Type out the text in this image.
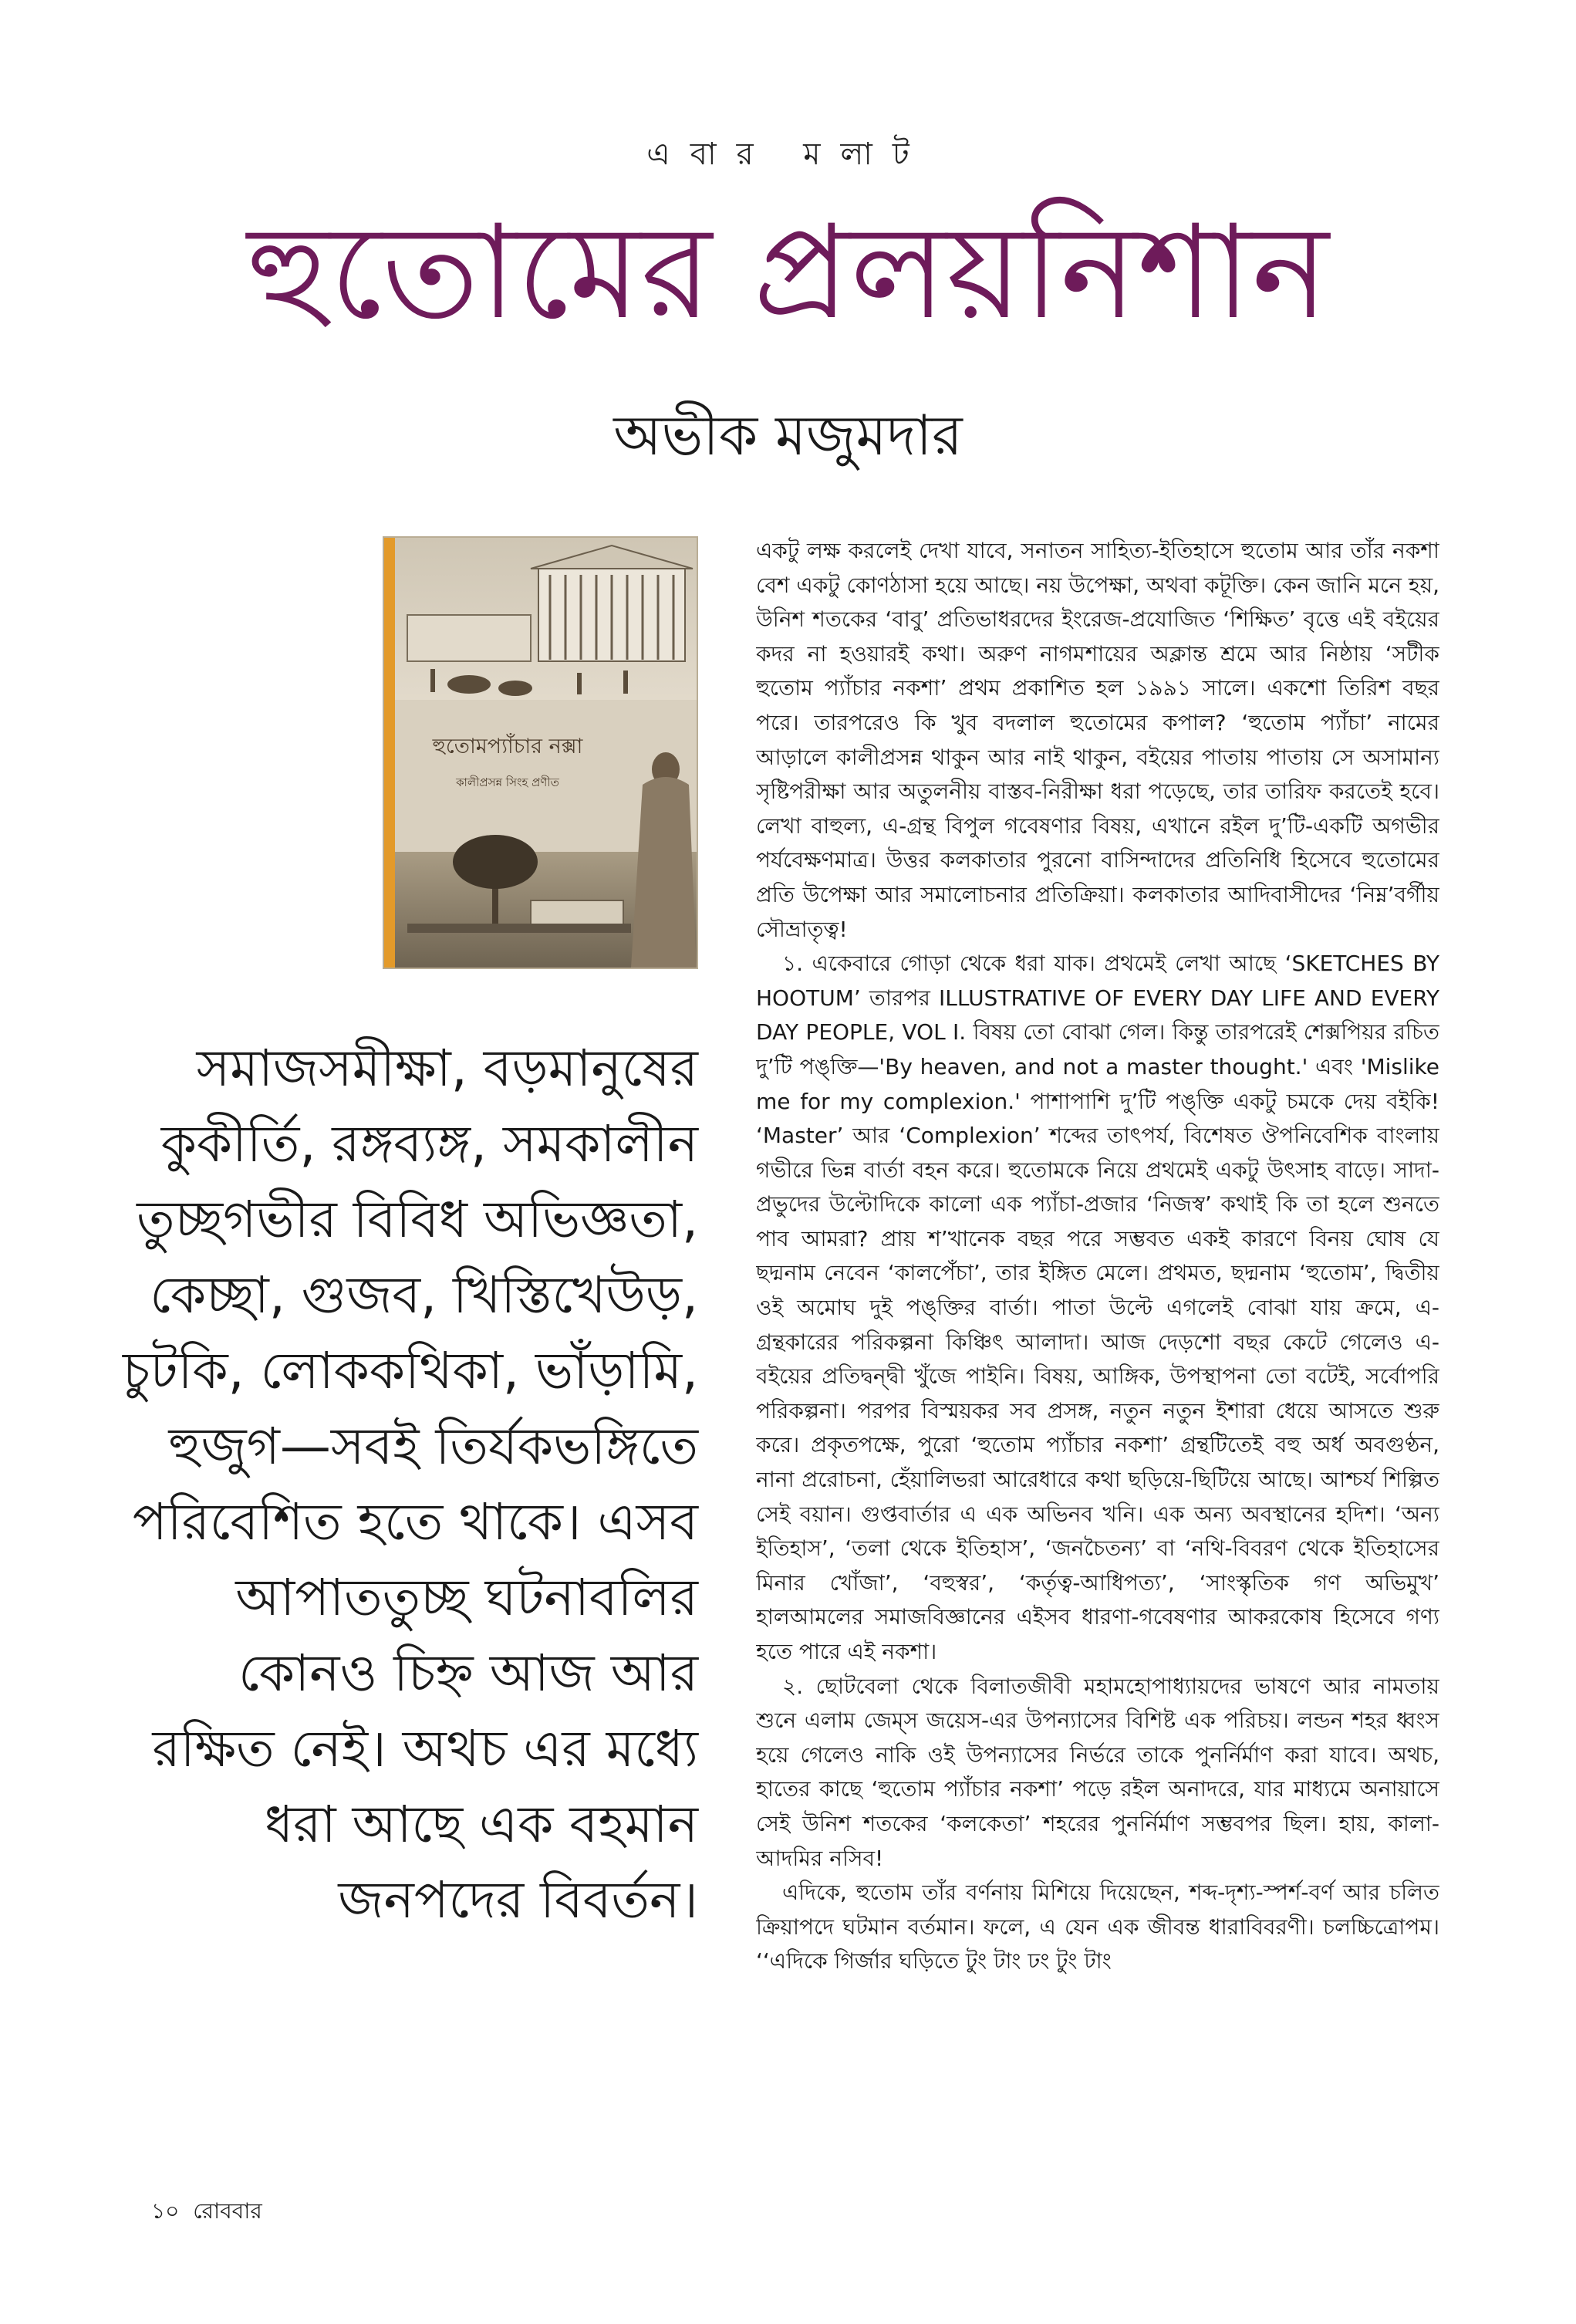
এবার মলাট
হুতোমের প্রলয়নিশান
অভীক মজুমদার
হুতোমপ্যাঁচার নক্সা
কালীপ্রসন্ন সিংহ প্রণীত

সমাজসমীক্ষা, বড়মানুষের কুকীর্তি, রঙ্গব্যঙ্গ, সমকালীন তুচ্ছগভীর বিবিধ অভিজ্ঞতা, কেচ্ছা, গুজব, খিস্তিখেউড়, চুটকি, লোককথিকা, ভাঁড়ামি, হুজুগ—সবই তির্যকভঙ্গিতে পরিবেশিত হতে থাকে। এসব আপাততুচ্ছ ঘটনাবলির কোনও চিহ্ন আজ আর রক্ষিত নেই। অথচ এর মধ্যে ধরা আছে এক বহমান জনপদের বিবর্তন।

একটু লক্ষ করলেই দেখা যাবে, সনাতন সাহিত্য-ইতিহাসে হুতোম আর তাঁর নকশা বেশ একটু কোণঠাসা হয়ে আছে। নয় উপেক্ষা, অথবা কটূক্তি। কেন জানি মনে হয়, উনিশ শতকের ‘বাবু’ প্রতিভাধরদের ইংরেজ-প্রযোজিত ‘শিক্ষিত’ বৃত্তে এই বইয়ের কদর না হওয়ারই কথা। অরুণ নাগমশায়ের অক্লান্ত শ্রমে আর নিষ্ঠায় ‘সটীক হুতোম প্যাঁচার নকশা’ প্রথম প্রকাশিত হল ১৯৯১ সালে। একশো তিরিশ বছর পরে। তারপরেও কি খুব বদলাল হুতোমের কপাল? ‘হুতোম প্যাঁচা’ নামের আড়ালে কালীপ্রসন্ন থাকুন আর নাই থাকুন, বইয়ের পাতায় পাতায় সে অসামান্য সৃষ্টিপরীক্ষা আর অতুলনীয় বাস্তব-নিরীক্ষা ধরা পড়েছে, তার তারিফ করতেই হবে। লেখা বাহুল্য, এ-গ্রন্থ বিপুল গবেষণার বিষয়, এখানে রইল দু’টি-একটি অগভীর পর্যবেক্ষণমাত্র। উত্তর কলকাতার পুরনো বাসিন্দাদের প্রতিনিধি হিসেবে হুতোমের প্রতি উপেক্ষা আর সমালোচনার প্রতিক্রিয়া। কলকাতার আদিবাসীদের ‘নিম্ন’বর্গীয় সৌভ্রাতৃত্ব!

১. একেবারে গোড়া থেকে ধরা যাক। প্রথমেই লেখা আছে ‘SKETCHES BY HOOTUM’ তারপর ILLUSTRATIVE OF EVERY DAY LIFE AND EVERY DAY PEOPLE, VOL I. বিষয় তো বোঝা গেল। কিন্তু তারপরেই শেক্সপিয়র রচিত দু’টি পঙ্‌ক্তি—'By heaven, and not a master thought.' এবং 'Mislike me for my complexion.' পাশাপাশি দু’টি পঙ্‌ক্তি একটু চমকে দেয় বইকি! ‘Master’ আর ‘Complexion’ শব্দের তাৎপর্য, বিশেষত ঔপনিবেশিক বাংলায় গভীরে ভিন্ন বার্তা বহন করে। হুতোমকে নিয়ে প্রথমেই একটু উৎসাহ বাড়ে। সাদা-প্রভুদের উল্টোদিকে কালো এক প্যাঁচা-প্রজার ‘নিজস্ব’ কথাই কি তা হলে শুনতে পাব আমরা? প্রায় শ’খানেক বছর পরে সম্ভবত একই কারণে বিনয় ঘোষ যে ছদ্মনাম নেবেন ‘কালপেঁচা’, তার ইঙ্গিত মেলে। প্রথমত, ছদ্মনাম ‘হুতোম’, দ্বিতীয় ওই অমোঘ দুই পঙ্‌ক্তির বার্তা। পাতা উল্টে এগলেই বোঝা যায় ক্রমে, এ-গ্রন্থকারের পরিকল্পনা কিঞ্চিৎ আলাদা। আজ দেড়শো বছর কেটে গেলেও এ-বইয়ের প্রতিদ্বন্দ্বী খুঁজে পাইনি। বিষয়, আঙ্গিক, উপস্থাপনা তো বটেই, সর্বোপরি পরিকল্পনা। পরপর বিস্ময়কর সব প্রসঙ্গ, নতুন নতুন ইশারা ধেয়ে আসতে শুরু করে। প্রকৃতপক্ষে, পুরো ‘হুতোম প্যাঁচার নকশা’ গ্রন্থটিতেই বহু অর্ধ অবগুণ্ঠন, নানা প্ররোচনা, হেঁয়ালিভরা আরেধারে কথা ছড়িয়ে-ছিটিয়ে আছে। আশ্চর্য শিল্পিত সেই বয়ান। গুপ্তবার্তার এ এক অভিনব খনি। এক অন্য অবস্থানের হদিশ। ‘অন্য ইতিহাস’, ‘তলা থেকে ইতিহাস’, ‘জনচৈতন্য’ বা ‘নথি-বিবরণ থেকে ইতিহাসের মিনার খোঁজা’, ‘বহুস্বর’, ‘কর্তৃত্ব-আধিপত্য’, ‘সাংস্কৃতিক গণ অভিমুখ’ হালআমলের সমাজবিজ্ঞানের এইসব ধারণা-গবেষণার আকরকোষ হিসেবে গণ্য হতে পারে এই নকশা।

২. ছোটবেলা থেকে বিলাতজীবী মহামহোপাধ্যায়দের ভাষণে আর নামতায় শুনে এলাম জেম্‌স জয়েস-এর উপন্যাসের বিশিষ্ট এক পরিচয়। লন্ডন শহর ধ্বংস হয়ে গেলেও নাকি ওই উপন্যাসের নির্ভরে তাকে পুনর্নির্মাণ করা যাবে। অথচ, হাতের কাছে ‘হুতোম প্যাঁচার নকশা’ পড়ে রইল অনাদরে, যার মাধ্যমে অনায়াসে সেই উনিশ শতকের ‘কলকেতা’ শহরের পুনর্নির্মাণ সম্ভবপর ছিল। হায়, কালা-আদমির নসিব!

এদিকে, হুতোম তাঁর বর্ণনায় মিশিয়ে দিয়েছেন, শব্দ-দৃশ্য-স্পর্শ-বর্ণ আর চলিত ক্রিয়াপদে ঘটমান বর্তমান। ফলে, এ যেন এক জীবন্ত ধারাবিবরণী। চলচ্চিত্রোপম। ‘‘এদিকে গির্জার ঘড়িতে টুং টাং ঢং টুং টাং

১০ রোববার
